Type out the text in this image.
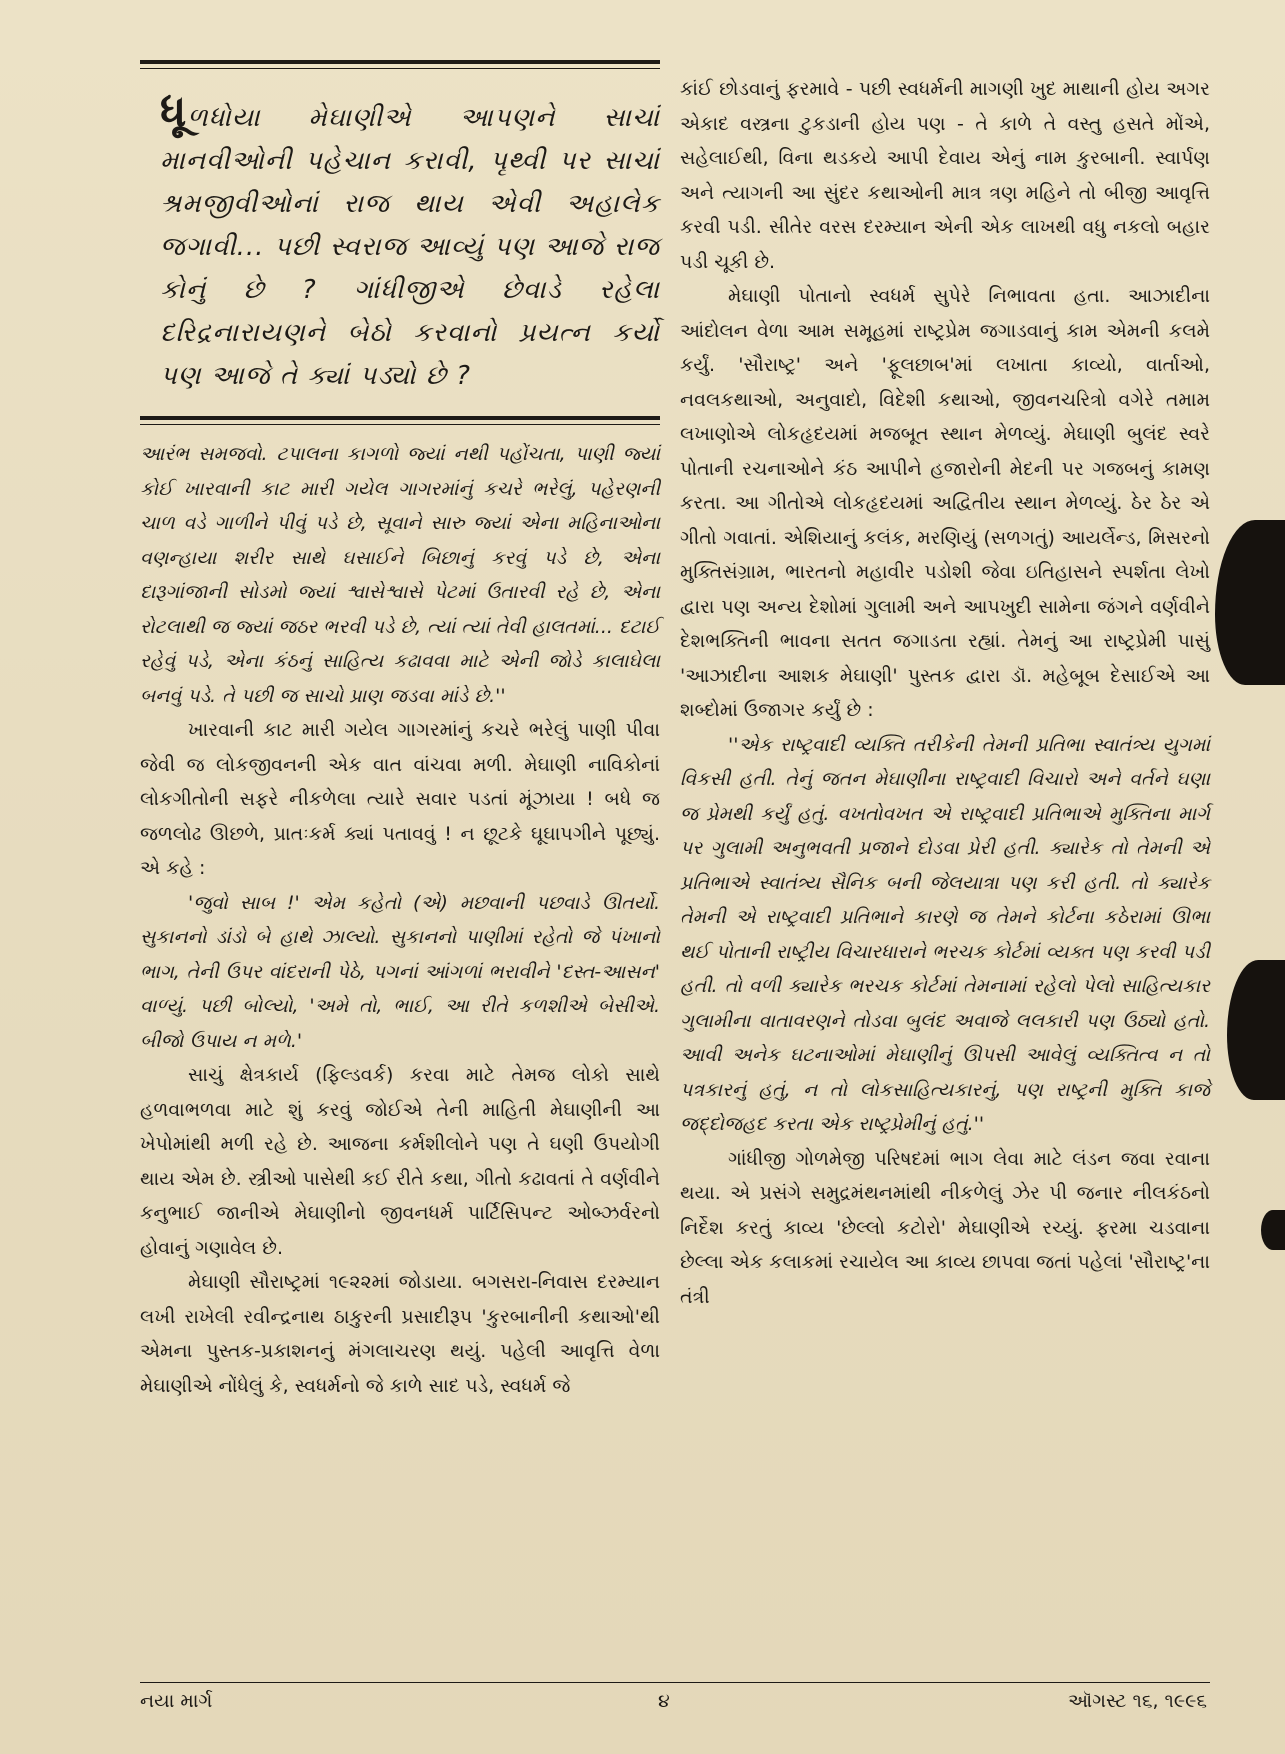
ધૂળધોયા મેઘાણીએ આપણને સાચાં માનવીઓની પહેચાન કરાવી, પૃથ્વી પર સાચાં શ્રમજીવીઓનાં રાજ થાય એવી અહાલેક જગાવી... પછી સ્વરાજ આવ્યું પણ આજે રાજ કોનું છે ? ગાંધીજીએ છેવાડે રહેલા દરિદ્રનારાયણને બેઠો કરવાનો પ્રયત્ન કર્યો પણ આજે તે ક્યાં પડ્યો છે ?

આરંભ સમજવો. ટપાલના કાગળો જ્યાં નથી પહોંચતા, પાણી જ્યાં કોઈ ખારવાની કાટ મારી ગયેલ ગાગરમાંનું કચરે ભરેલું, પહેરણની ચાળ વડે ગાળીને પીવું પડે છે, સૂવાને સારુ જ્યાં એના મહિનાઓના વણન્હાયા શરીર સાથે ઘસાઈને બિછાનું કરવું પડે છે, એના દારૂગાંજાની સોડમો જ્યાં શ્વાસેશ્વાસે પેટમાં ઉતારવી રહે છે, એના રોટલાથી જ જ્યાં જઠર ભરવી પડે છે, ત્યાં ત્યાં તેવી હાલતમાં... દટાઈ રહેવું પડે, એના કંઠનું સાહિત્ય કઢાવવા માટે એની જોડે કાલાઘેલા બનવું પડે. તે પછી જ સાચો પ્રાણ જડવા માંડે છે.''

ખારવાની કાટ મારી ગયેલ ગાગરમાંનું કચરે ભરેલું પાણી પીવા જેવી જ લોકજીવનની એક વાત વાંચવા મળી. મેઘાણી નાવિકોનાં લોકગીતોની સફરે નીકળેલા ત્યારે સવાર પડતાં મૂંઝાયા ! બધે જ જળલોઢ ઊછળે, પ્રાતઃકર્મ ક્યાં પતાવવું ! ન છૂટકે ઘૂઘાપગીને પૂછ્યું. એ કહે :

'જુવો સાબ !' એમ કહેતો (એ) મછવાની પછવાડે ઊતર્યો. સુકાનનો ડાંડો બે હાથે ઝાલ્યો. સુકાનનો પાણીમાં રહેતો જે પંખાનો ભાગ, તેની ઉપર વાંદરાની પેઠે, પગનાં આંગળાં ભરાવીને 'દસ્ત-આસન' વાળ્યું. પછી બોલ્યો, 'અમે તો, ભાઈ, આ રીતે કળશીએ બેસીએ. બીજો ઉપાય ન મળે.'

સાચું ક્ષેત્રકાર્ય (ફિલ્ડવર્ક) કરવા માટે તેમજ લોકો સાથે હળવાભળવા માટે શું કરવું જોઈએ તેની માહિતી મેઘાણીની આ ખેપોમાંથી મળી રહે છે. આજના કર્મશીલોને પણ તે ઘણી ઉપયોગી થાય એમ છે. સ્ત્રીઓ પાસેથી કઈ રીતે કથા, ગીતો કઢાવતાં તે વર્ણવીને કનુભાઈ જાનીએ મેઘાણીનો જીવનધર્મ પાર્ટિસિપન્ટ ઓબ્ઝર્વરનો હોવાનું ગણાવેલ છે.

મેઘાણી સૌરાષ્ટ્રમાં ૧૯૨૨માં જોડાયા. બગસરા-નિવાસ દરમ્યાન લખી રાખેલી રવીન્દ્રનાથ ઠાકુરની પ્રસાદીરૂપ 'કુરબાનીની કથાઓ'થી એમના પુસ્તક-પ્રકાશનનું મંગલાચરણ થયું. પહેલી આવૃત્તિ વેળા મેઘાણીએ નોંધેલું કે, સ્વધર્મનો જે કાળે સાદ પડે, સ્વધર્મ જે

કાંઈ છોડવાનું ફરમાવે - પછી સ્વધર્મની માગણી ખુદ માથાની હોય અગર એકાદ વસ્ત્રના ટુકડાની હોય પણ - તે કાળે તે વસ્તુ હસતે મોંએ, સહેલાઈથી, વિના થડકયે આપી દેવાય એનું નામ કુરબાની. સ્વાર્પણ અને ત્યાગની આ સુંદર કથાઓની માત્ર ત્રણ મહિને તો બીજી આવૃત્તિ કરવી પડી. સીતેર વરસ દરમ્યાન એની એક લાખથી વધુ નકલો બહાર પડી ચૂકી છે.

મેઘાણી પોતાનો સ્વધર્મ સુપેરે નિભાવતા હતા. આઝાદીના આંદોલન વેળા આમ સમૂહમાં રાષ્ટ્રપ્રેમ જગાડવાનું કામ એમની કલમે કર્યું. 'સૌરાષ્ટ્ર' અને 'ફૂલછાબ'માં લખાતા કાવ્યો, વાર્તાઓ, નવલકથાઓ, અનુવાદો, વિદેશી કથાઓ, જીવનચરિત્રો વગેરે તમામ લખાણોએ લોકહૃદયમાં મજબૂત સ્થાન મેળવ્યું. મેઘાણી બુલંદ સ્વરે પોતાની રચનાઓને કંઠ આપીને હજારોની મેદની પર ગજબનું કામણ કરતા. આ ગીતોએ લોકહૃદયમાં અદ્વિતીય સ્થાન મેળવ્યું. ઠેર ઠેર એ ગીતો ગવાતાં. એશિયાનું કલંક, મરણિયું (સળગતું) આયર્લેન્ડ, મિસરનો મુક્તિસંગ્રામ, ભારતનો મહાવીર પડોશી જેવા ઇતિહાસને સ્પર્શતા લેખો દ્વારા પણ અન્ય દેશોમાં ગુલામી અને આપખુદી સામેના જંગને વર્ણવીને દેશભક્તિની ભાવના સતત જગાડતા રહ્યાં. તેમનું આ રાષ્ટ્રપ્રેમી પાસું 'આઝાદીના આશક મેઘાણી' પુસ્તક દ્વારા ડૉ. મહેબૂબ દેસાઈએ આ શબ્દોમાં ઉજાગર કર્યું છે :

''એક રાષ્ટ્રવાદી વ્યક્તિ તરીકેની તેમની પ્રતિભા સ્વાતંત્ર્ય યુગમાં વિકસી હતી. તેનું જતન મેઘાણીના રાષ્ટ્રવાદી વિચારો અને વર્તને ઘણા જ પ્રેમથી કર્યું હતું. વખતોવખત એ રાષ્ટ્રવાદી પ્રતિભાએ મુક્તિના માર્ગ પર ગુલામી અનુભવતી પ્રજાને દોડવા પ્રેરી હતી. ક્યારેક તો તેમની એ પ્રતિભાએ સ્વાતંત્ર્ય સૈનિક બની જેલયાત્રા પણ કરી હતી. તો ક્યારેક તેમની એ રાષ્ટ્રવાદી પ્રતિભાને કારણે જ તેમને કોર્ટના કઠેરામાં ઊભા થઈ પોતાની રાષ્ટ્રીય વિચારધારાને ભરચક કોર્ટમાં વ્યક્ત પણ કરવી પડી હતી. તો વળી ક્યારેક ભરચક કોર્ટમાં તેમનામાં રહેલો પેલો સાહિત્યકાર ગુલામીના વાતાવરણને તોડવા બુલંદ અવાજે લલકારી પણ ઉઠ્યો હતો. આવી અનેક ઘટનાઓમાં મેઘાણીનું ઊપસી આવેલું વ્યક્તિત્વ ન તો પત્રકારનું હતું, ન તો લોકસાહિત્યકારનું, પણ રાષ્ટ્રની મુક્તિ કાજે જદ્દોજહદ કરતા એક રાષ્ટ્રપ્રેમીનું હતું.''

ગાંધીજી ગોળમેજી પરિષદમાં ભાગ લેવા માટે લંડન જવા રવાના થયા. એ પ્રસંગે સમુદ્રમંથનમાંથી નીકળેલું ઝેર પી જનાર નીલકંઠનો નિર્દેશ કરતું કાવ્ય 'છેલ્લો કટોરો' મેઘાણીએ રચ્યું. ફરમા ચડવાના છેલ્લા એક કલાકમાં રચાયેલ આ કાવ્ય છાપવા જતાં પહેલાં 'સૌરાષ્ટ્ર'ના તંત્રી

નયા માર્ગ	૪	ઑગસ્ટ ૧૬, ૧૯૯૬
